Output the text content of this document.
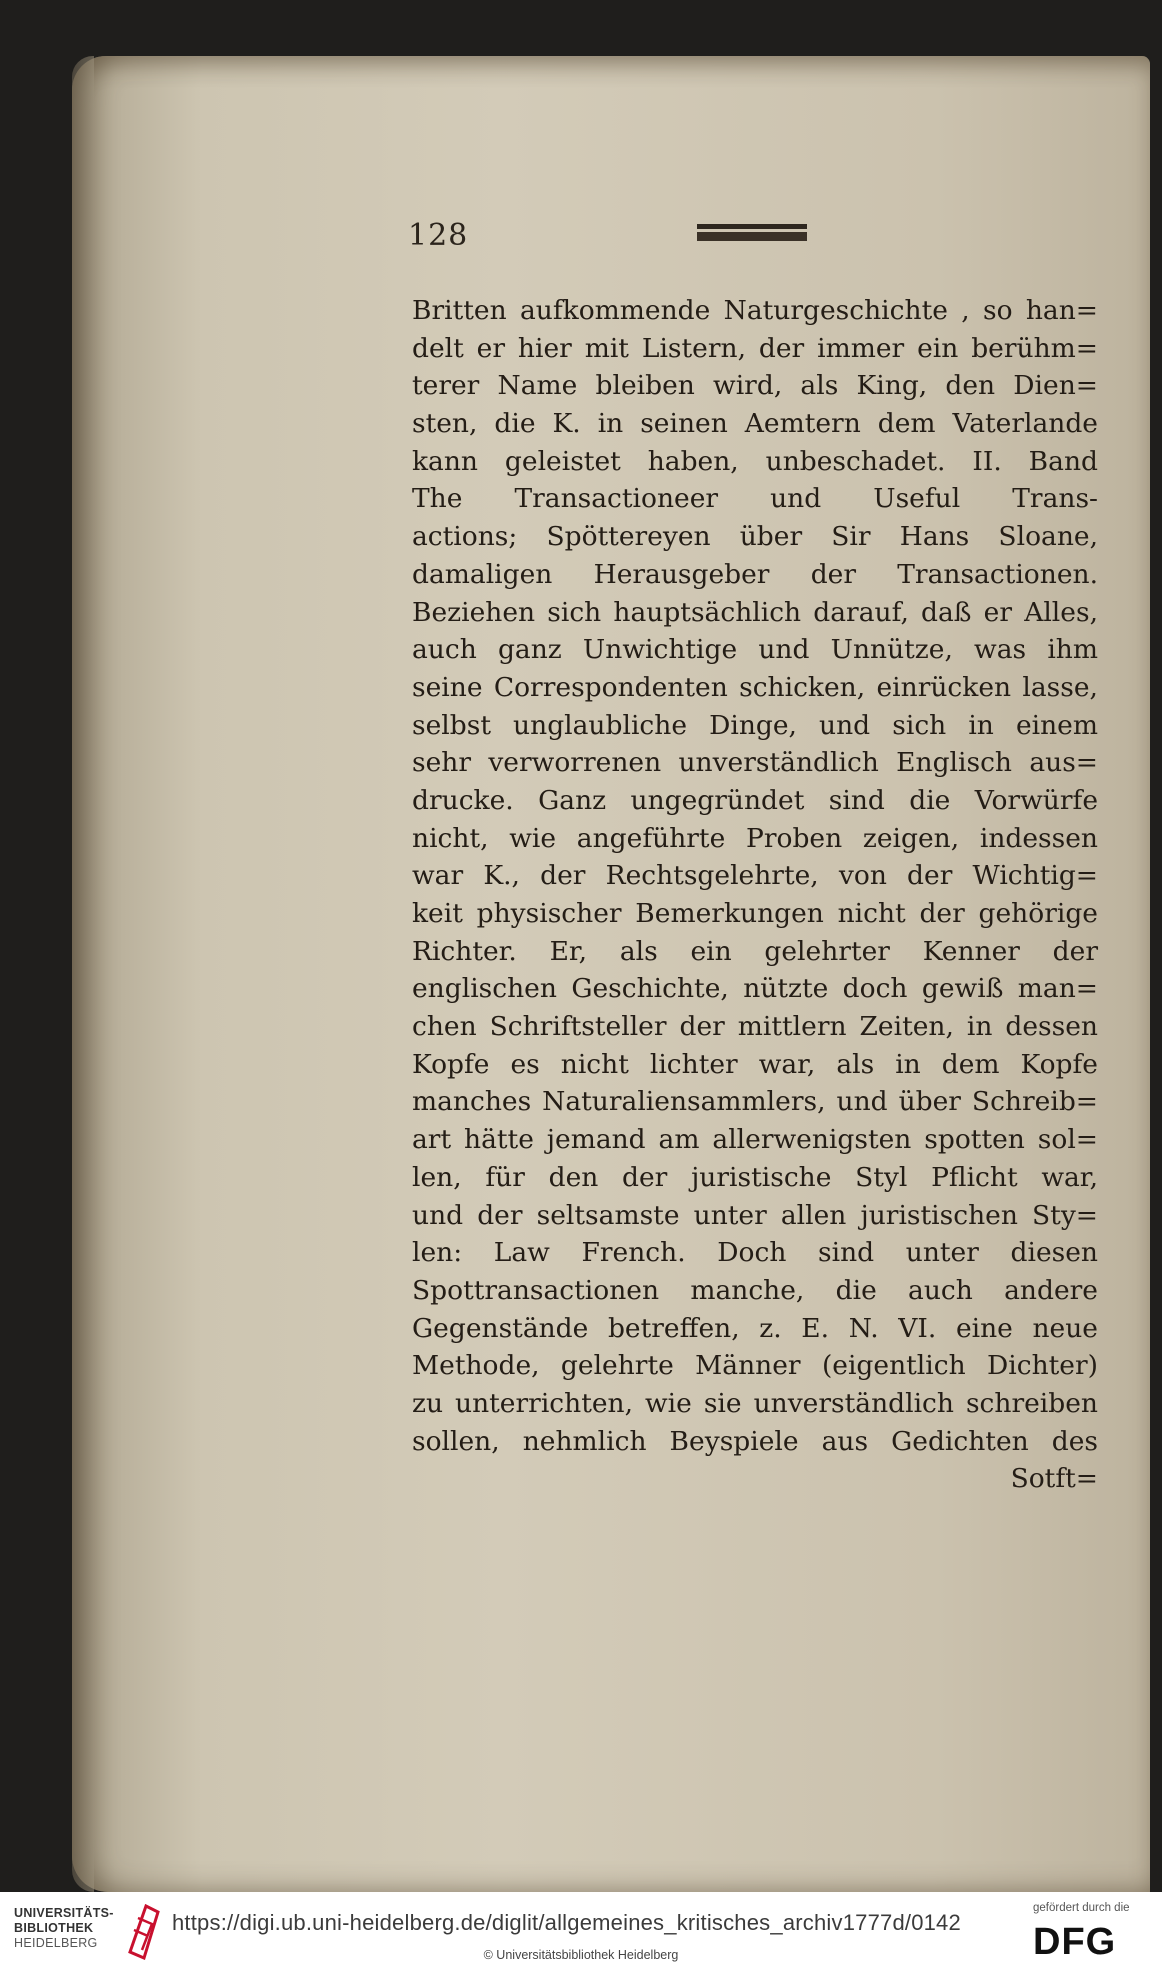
128
Britten aufkommende Naturgeschichte , so han=
delt er hier mit Listern, der immer ein berühm=
terer Name bleiben wird, als King, den Dien=
sten, die K. in seinen Aemtern dem Vaterlande
kann geleistet haben, unbeschadet. II. Band
The Transactioneer und Useful Trans-
actions; Spöttereyen über Sir Hans Sloane,
damaligen Herausgeber der Transactionen.
Beziehen sich hauptsächlich darauf, daß er Alles,
auch ganz Unwichtige und Unnütze, was ihm
seine Correspondenten schicken, einrücken lasse,
selbst unglaubliche Dinge, und sich in einem
sehr verworrenen unverständlich Englisch aus=
drucke. Ganz ungegründet sind die Vorwürfe
nicht, wie angeführte Proben zeigen, indessen
war K., der Rechtsgelehrte, von der Wichtig=
keit physischer Bemerkungen nicht der gehörige
Richter. Er, als ein gelehrter Kenner der
englischen Geschichte, nützte doch gewiß man=
chen Schriftsteller der mittlern Zeiten, in dessen
Kopfe es nicht lichter war, als in dem Kopfe
manches Naturaliensammlers, und über Schreib=
art hätte jemand am allerwenigsten spotten sol=
len, für den der juristische Styl Pflicht war,
und der seltsamste unter allen juristischen Sty=
len: Law French. Doch sind unter diesen
Spottransactionen manche, die auch andere
Gegenstände betreffen, z. E. N. VI. eine neue
Methode, gelehrte Männer (eigentlich Dichter)
zu unterrichten, wie sie unverständlich schreiben
sollen, nehmlich Beyspiele aus Gedichten des
Sotft=
UNIVERSITÄTS-
BIBLIOTHEK
HEIDELBERG
https://digi.ub.uni-heidelberg.de/diglit/allgemeines_kritisches_archiv1777d/0142
© Universitätsbibliothek Heidelberg
gefördert durch die
DFG
